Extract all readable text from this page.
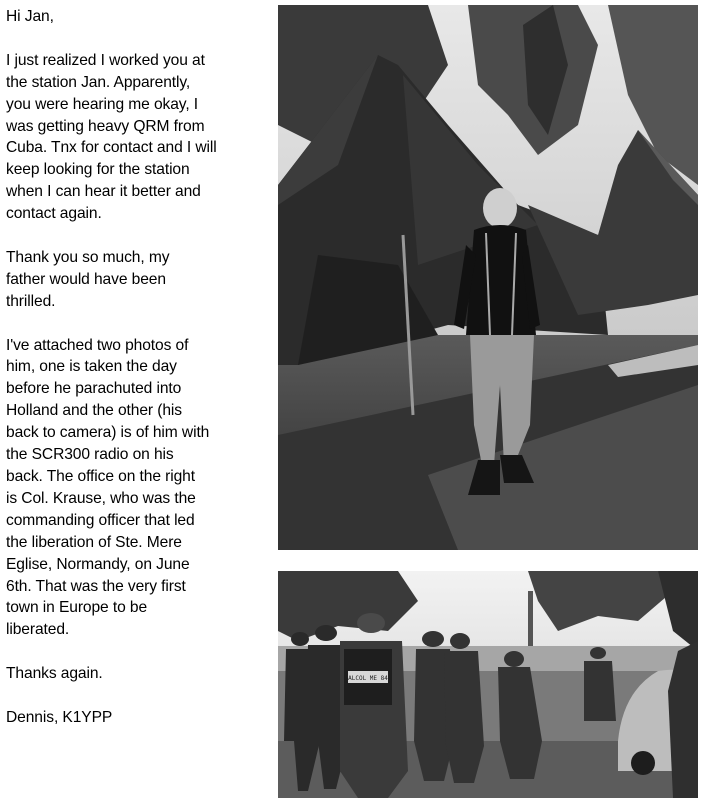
Hi Jan,

I just realized I worked you at

the station Jan. Apparently,

you were hearing me okay, I

was getting heavy QRM from

Cuba. Tnx for contact and I will

keep looking for the station

when I can hear it better and

contact again.

Thank you so much, my

father would have been

thrilled.

I've attached two photos of

him, one is taken the day

before he parachuted into

Holland and the other (his

back to camera) is of him with

the SCR300 radio on his

back. The office on the right

is Col. Krause, who was the

commanding officer that led

the liberation of Ste. Mere

Eglise, Normandy, on June

6th. That was the very first

town in Europe to be

liberated.

Thanks again.

Dennis, K1YPP

ALCOL ME 84
